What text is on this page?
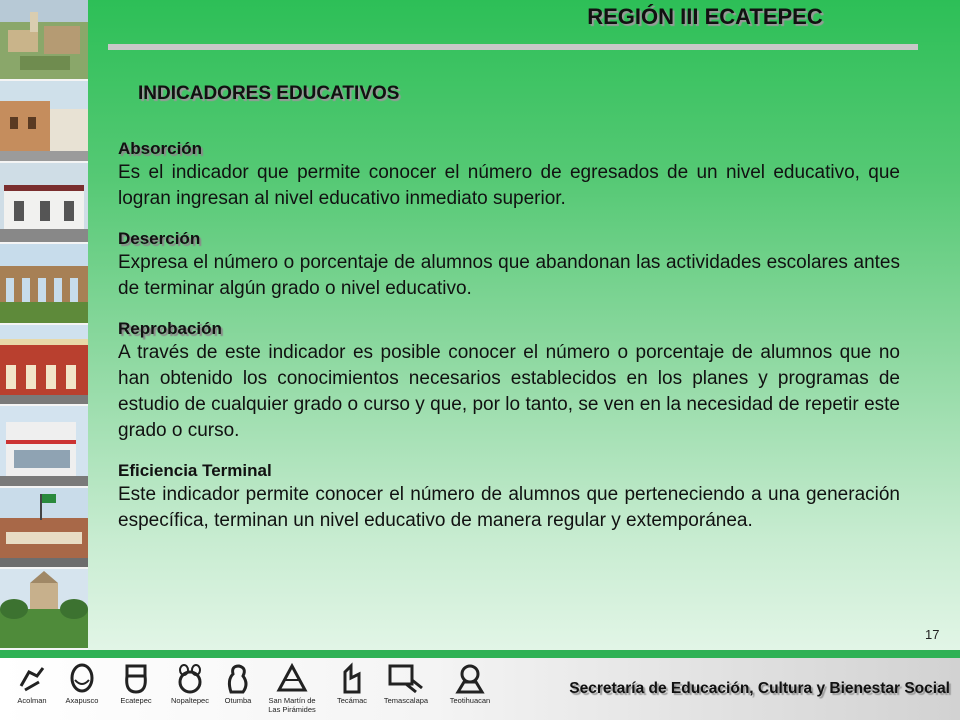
REGIÓN III ECATEPEC
INDICADORES EDUCATIVOS
Absorción

Es el indicador que permite conocer el número de egresados de un nivel educativo, que logran ingresan al nivel educativo inmediato superior.

Deserción

Expresa el número o porcentaje de alumnos que abandonan las actividades escolares antes de terminar algún grado o nivel educativo.

Reprobación

A través de este indicador es posible conocer el número o porcentaje de alumnos que no han obtenido los conocimientos necesarios establecidos en los planes y programas de estudio de cualquier grado o curso y que, por lo tanto, se ven en la necesidad de repetir este grado o curso.

Eficiencia Terminal

Este indicador permite conocer el número de alumnos que perteneciendo a una generación específica, terminan un nivel educativo de manera regular y extemporánea.

17
Acolman	Axapusco	Ecatepec	Nopaltepec	Otumba	San Martín de
Las Pirámides
Tecámac	Temascalapa	Teotihuacan
Secretaría de Educación, Cultura y Bienestar Social
